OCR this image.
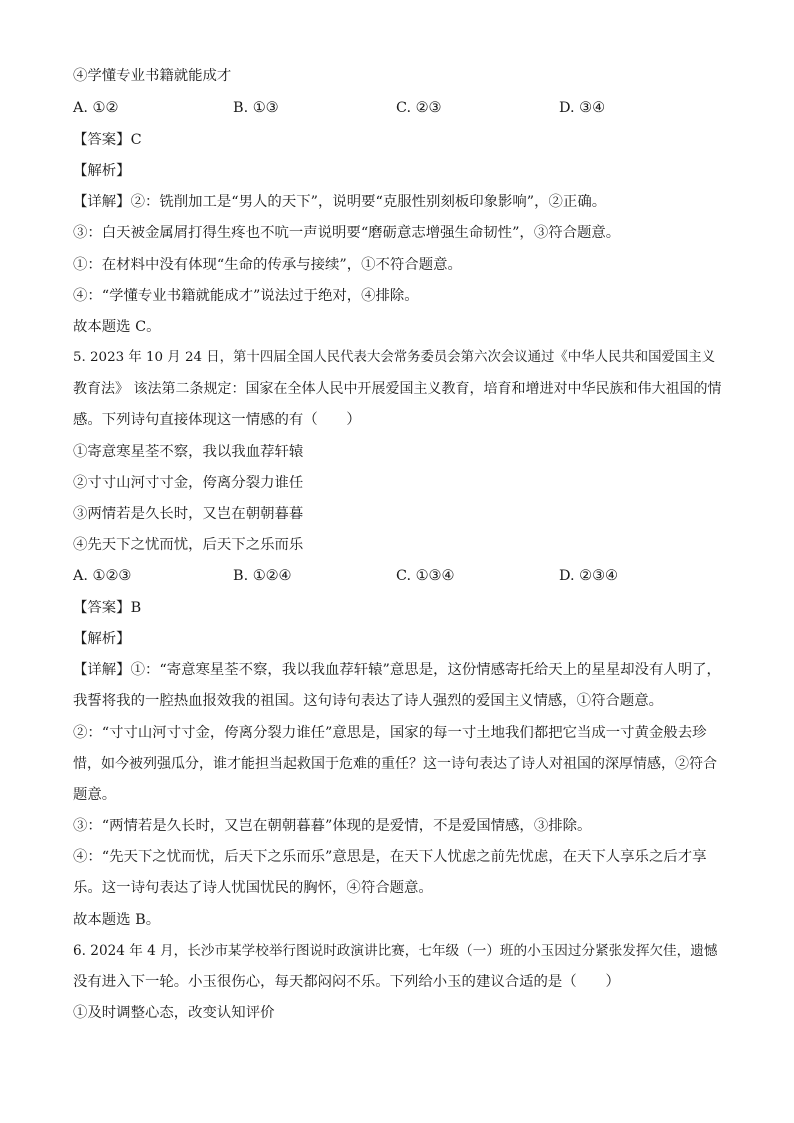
④学懂专业书籍就能成才
A. ①②	B. ①③	C. ②③	D. ③④
【答案】C
【解析】
【详解】②：铣削加工是“男人的天下”，说明要“克服性别刻板印象影响”，②正确。
③：白天被金属屑打得生疼也不吭一声说明要“磨砺意志增强生命韧性”，③符合题意。
①：在材料中没有体现“生命的传承与接续”，①不符合题意。
④：“学懂专业书籍就能成才”说法过于绝对，④排除。
故本题选 C。
5. 2023 年 10 月 24 日，第十四届全国人民代表大会常务委员会第六次会议通过《中华人民共和国爱国主义
教育法》 该法第二条规定：国家在全体人民中开展爱国主义教育，培育和增进对中华民族和伟大祖国的情
感。下列诗句直接体现这一情感的有（　　）
①寄意寒星荃不察，我以我血荐轩辕
②寸寸山河寸寸金，侉离分裂力谁任
③两情若是久长时，又岂在朝朝暮暮
④先天下之忧而忧，后天下之乐而乐
A. ①②③	B. ①②④	C. ①③④	D. ②③④
【答案】B
【解析】
【详解】①：“寄意寒星荃不察，我以我血荐轩辕”意思是，这份情感寄托给天上的星星却没有人明了，
我誓将我的一腔热血报效我的祖国。这句诗句表达了诗人强烈的爱国主义情感，①符合题意。
②：“寸寸山河寸寸金，侉离分裂力谁任”意思是，国家的每一寸土地我们都把它当成一寸黄金般去珍
惜，如今被列强瓜分，谁才能担当起救国于危难的重任？这一诗句表达了诗人对祖国的深厚情感，②符合
题意。
③：“两情若是久长时，又岂在朝朝暮暮”体现的是爱情，不是爱国情感，③排除。
④：“先天下之忧而忧，后天下之乐而乐”意思是，在天下人忧虑之前先忧虑，在天下人享乐之后才享
乐。这一诗句表达了诗人忧国忧民的胸怀，④符合题意。
故本题选 B。
6. 2024 年 4 月，长沙市某学校举行图说时政演讲比赛，七年级（一）班的小玉因过分紧张发挥欠佳，遗憾
没有进入下一轮。小玉很伤心，每天都闷闷不乐。下列给小玉的建议合适的是（　　）
①及时调整心态，改变认知评价
